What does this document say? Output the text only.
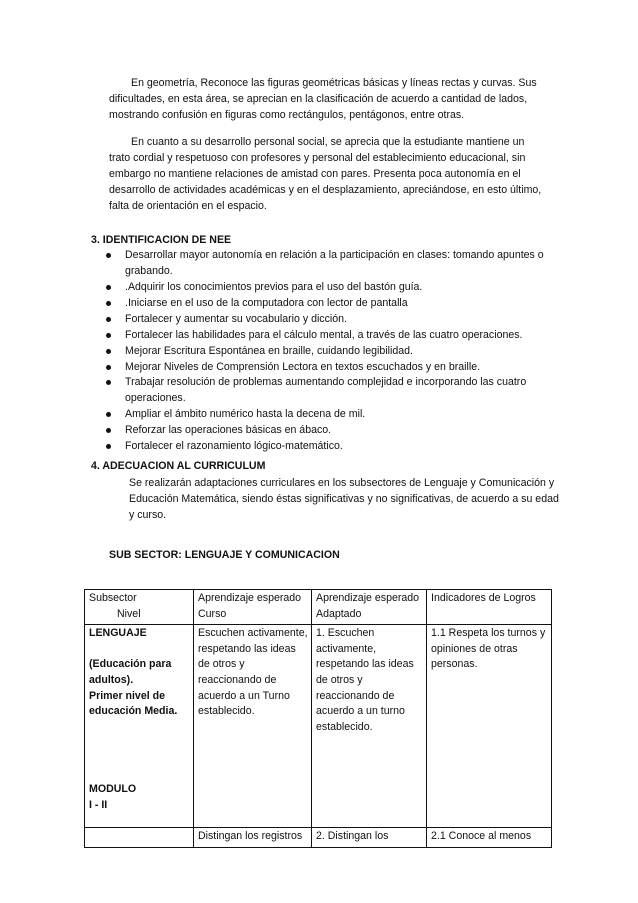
En geometría, Reconoce las figuras geométricas básicas y líneas rectas y curvas. Sus
dificultades, en esta área, se aprecian en la clasificación de acuerdo a cantidad de lados, mostrando confusión en figuras como rectángulos, pentágonos, entre otras.

En cuanto a su desarrollo personal social, se aprecia que la estudiante mantiene un
trato cordial y respetuoso con profesores y personal del establecimiento educacional, sin embargo no mantiene relaciones de amistad con pares. Presenta poca autonomía en el desarrollo de actividades académicas y en el desplazamiento, apreciándose, en esto último, falta de orientación en el espacio.

3. IDENTIFICACION DE NEE

Desarrollar mayor autonomía en relación a la participación en clases: tomando apuntes o grabando.
.Adquirir los conocimientos previos para el uso del bastón guía.
.Iniciarse en el uso de la computadora con lector de pantalla
Fortalecer y aumentar su vocabulario y dicción.
Fortalecer las habilidades para el cálculo mental, a través de las cuatro operaciones.
Mejorar Escritura Espontánea en braille, cuidando legibilidad.
Mejorar Niveles de Comprensión Lectora en textos escuchados y en braille.
Trabajar resolución de problemas aumentando complejidad e incorporando las cuatro operaciones.
Ampliar el ámbito numérico hasta la decena de mil.
Reforzar las operaciones básicas en ábaco.
Fortalecer el razonamiento lógico-matemático.

4. ADECUACION AL CURRICULUM

Se realizarán adaptaciones curriculares en los subsectores de Lenguaje y Comunicación y Educación Matemática, siendo éstas significativas y no significativas, de acuerdo a su edad y curso.

SUB SECTOR: LENGUAJE Y COMUNICACION

Subsector
Nivel	Aprendizaje esperado Curso	Aprendizaje esperado Adaptado	Indicadores de Logros

LENGUAJE
(Educación para adultos).
Primer nivel de educación Media.
MODULO
I - II	Escuchen activamente, respetando las ideas de otros y reaccionando de acuerdo a un Turno establecido.	1. Escuchen activamente, respetando las ideas de otros y reaccionando de acuerdo a un turno establecido.	1.1 Respeta los turnos y opiniones de otras personas.
	Distingan los registros	2. Distingan los	2.1 Conoce al menos
